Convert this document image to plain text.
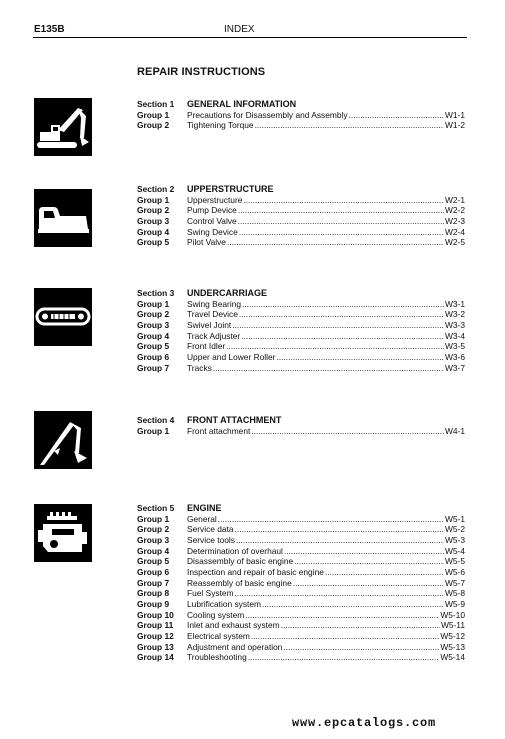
E135B	INDEX
REPAIR INSTRUCTIONS
Section 1 GENERAL INFORMATION
Group 1	Precautions for Disassembly and Assembly .....	W1-1
Group 2	Tightening Torque .....	W1-2
Section 2 UPPERSTRUCTURE
Group 1	Upperstructure .....	W2-1
Group 2	Pump Device .....	W2-2
Group 3	Control Valve .....	W2-3
Group 4	Swing Device .....	W2-4
Group 5	Pilot Valve .....	W2-5
Section 3 UNDERCARRIAGE
Group 1	Swing Bearing .....	W3-1
Group 2	Travel Device .....	W3-2
Group 3	Swivel Joint .....	W3-3
Group 4	Track Adjuster .....	W3-4
Group 5	Front Idler .....	W3-5
Group 6	Upper and Lower Roller .....	W3-6
Group 7	Tracks .....	W3-7
Section 4 FRONT ATTACHMENT
Group 1	Front attachment .....	W4-1
Section 5 ENGINE
Group 1	General .....	W5-1
Group 2	Service data .....	W5-2
Group 3	Service tools .....	W5-3
Group 4	Determination of overhaul .....	W5-4
Group 5	Disassembly of basic engine .....	W5-5
Group 6	Inspection and repair of basic engine .....	W5-6
Group 7	Reassembly of basic engine .....	W5-7
Group 8	Fuel System .....	W5-8
Group 9	Lubrification system .....	W5-9
Group 10	Cooling system .....	W5-10
Group 11	Inlet and exhaust system .....	W5-11
Group 12	Electrical system .....	W5-12
Group 13	Adjustment and operation .....	W5-13
Group 14	Troubleshooting .....	W5-14
www.epcatalogs.com
